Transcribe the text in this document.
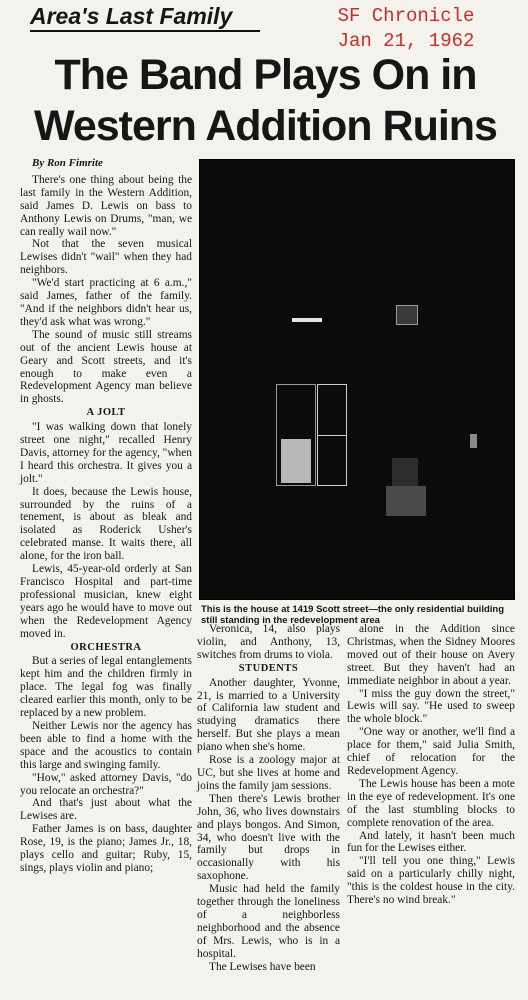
Area's Last Family	SF Chronicle
Jan 21, 1962
The Band Plays On in
Western Addition Ruins
By Ron Fimrite

There's one thing about being the last family in the Western Addition, said James D. Lewis on bass to Anthony Lewis on Drums, "man, we can really wail now."

Not that the seven musical Lewises didn't "wail" when they had neighbors.

"We'd start practicing at 6 a.m.," said James, father of the family. "And if the neighbors didn't hear us, they'd ask what was wrong."

The sound of music still streams out of the ancient Lewis house at Geary and Scott streets, and it's enough to make even a Redevelopment Agency man believe in ghosts.

A JOLT

"I was walking down that lonely street one night," recalled Henry Davis, attorney for the agency, "when I heard this orchestra. It gives you a jolt."

It does, because the Lewis house, surrounded by the ruins of a tenement, is about as bleak and isolated as Roderick Usher's celebrated manse. It waits there, all alone, for the iron ball.

Lewis, 45-year-old orderly at San Francisco Hospital and part-time professional musician, knew eight years ago he would have to move out when the Redevelopment Agency moved in.

ORCHESTRA

But a series of legal entanglements kept him and the children firmly in place. The legal fog was finally cleared earlier this month, only to be replaced by a new problem.

Neither Lewis nor the agency has been able to find a home with the space and the acoustics to contain this large and swinging family.

"How," asked attorney Davis, "do you relocate an orchestra?"

And that's just about what the Lewises are.

Father James is on bass, daughter Rose, 19, is the piano; James Jr., 18, plays cello and guitar; Ruby, 15, sings, plays violin and piano;

This is the house at 1419 Scott street—the only residential building still standing in the redevelopment area

Veronica, 14, also plays violin, and Anthony, 13, switches from drums to viola.

STUDENTS

Another daughter, Yvonne, 21, is married to a University of California law student and studying dramatics there herself. But she plays a mean piano when she's home.

Rose is a zoology major at UC, but she lives at home and joins the family jam sessions.

Then there's Lewis brother John, 36, who lives downstairs and plays bongos. And Simon, 34, who doesn't live with the family but drops in occasionally with his saxophone.

Music had held the family together through the loneliness of a neighborless neighborhood and the absence of Mrs. Lewis, who is in a hospital.

The Lewises have been

alone in the Addition since Christmas, when the Sidney Moores moved out of their house on Avery street. But they haven't had an immediate neighbor in about a year.

"I miss the guy down the street," Lewis will say. "He used to sweep the whole block."

"One way or another, we'll find a place for them," said Julia Smith, chief of relocation for the Redevelopment Agency.

The Lewis house has been a mote in the eye of redevelopment. It's one of the last stumbling blocks to complete renovation of the area.

And lately, it hasn't been much fun for the Lewises either.

"I'll tell you one thing," Lewis said on a particularly chilly night, "this is the coldest house in the city. There's no wind break."
